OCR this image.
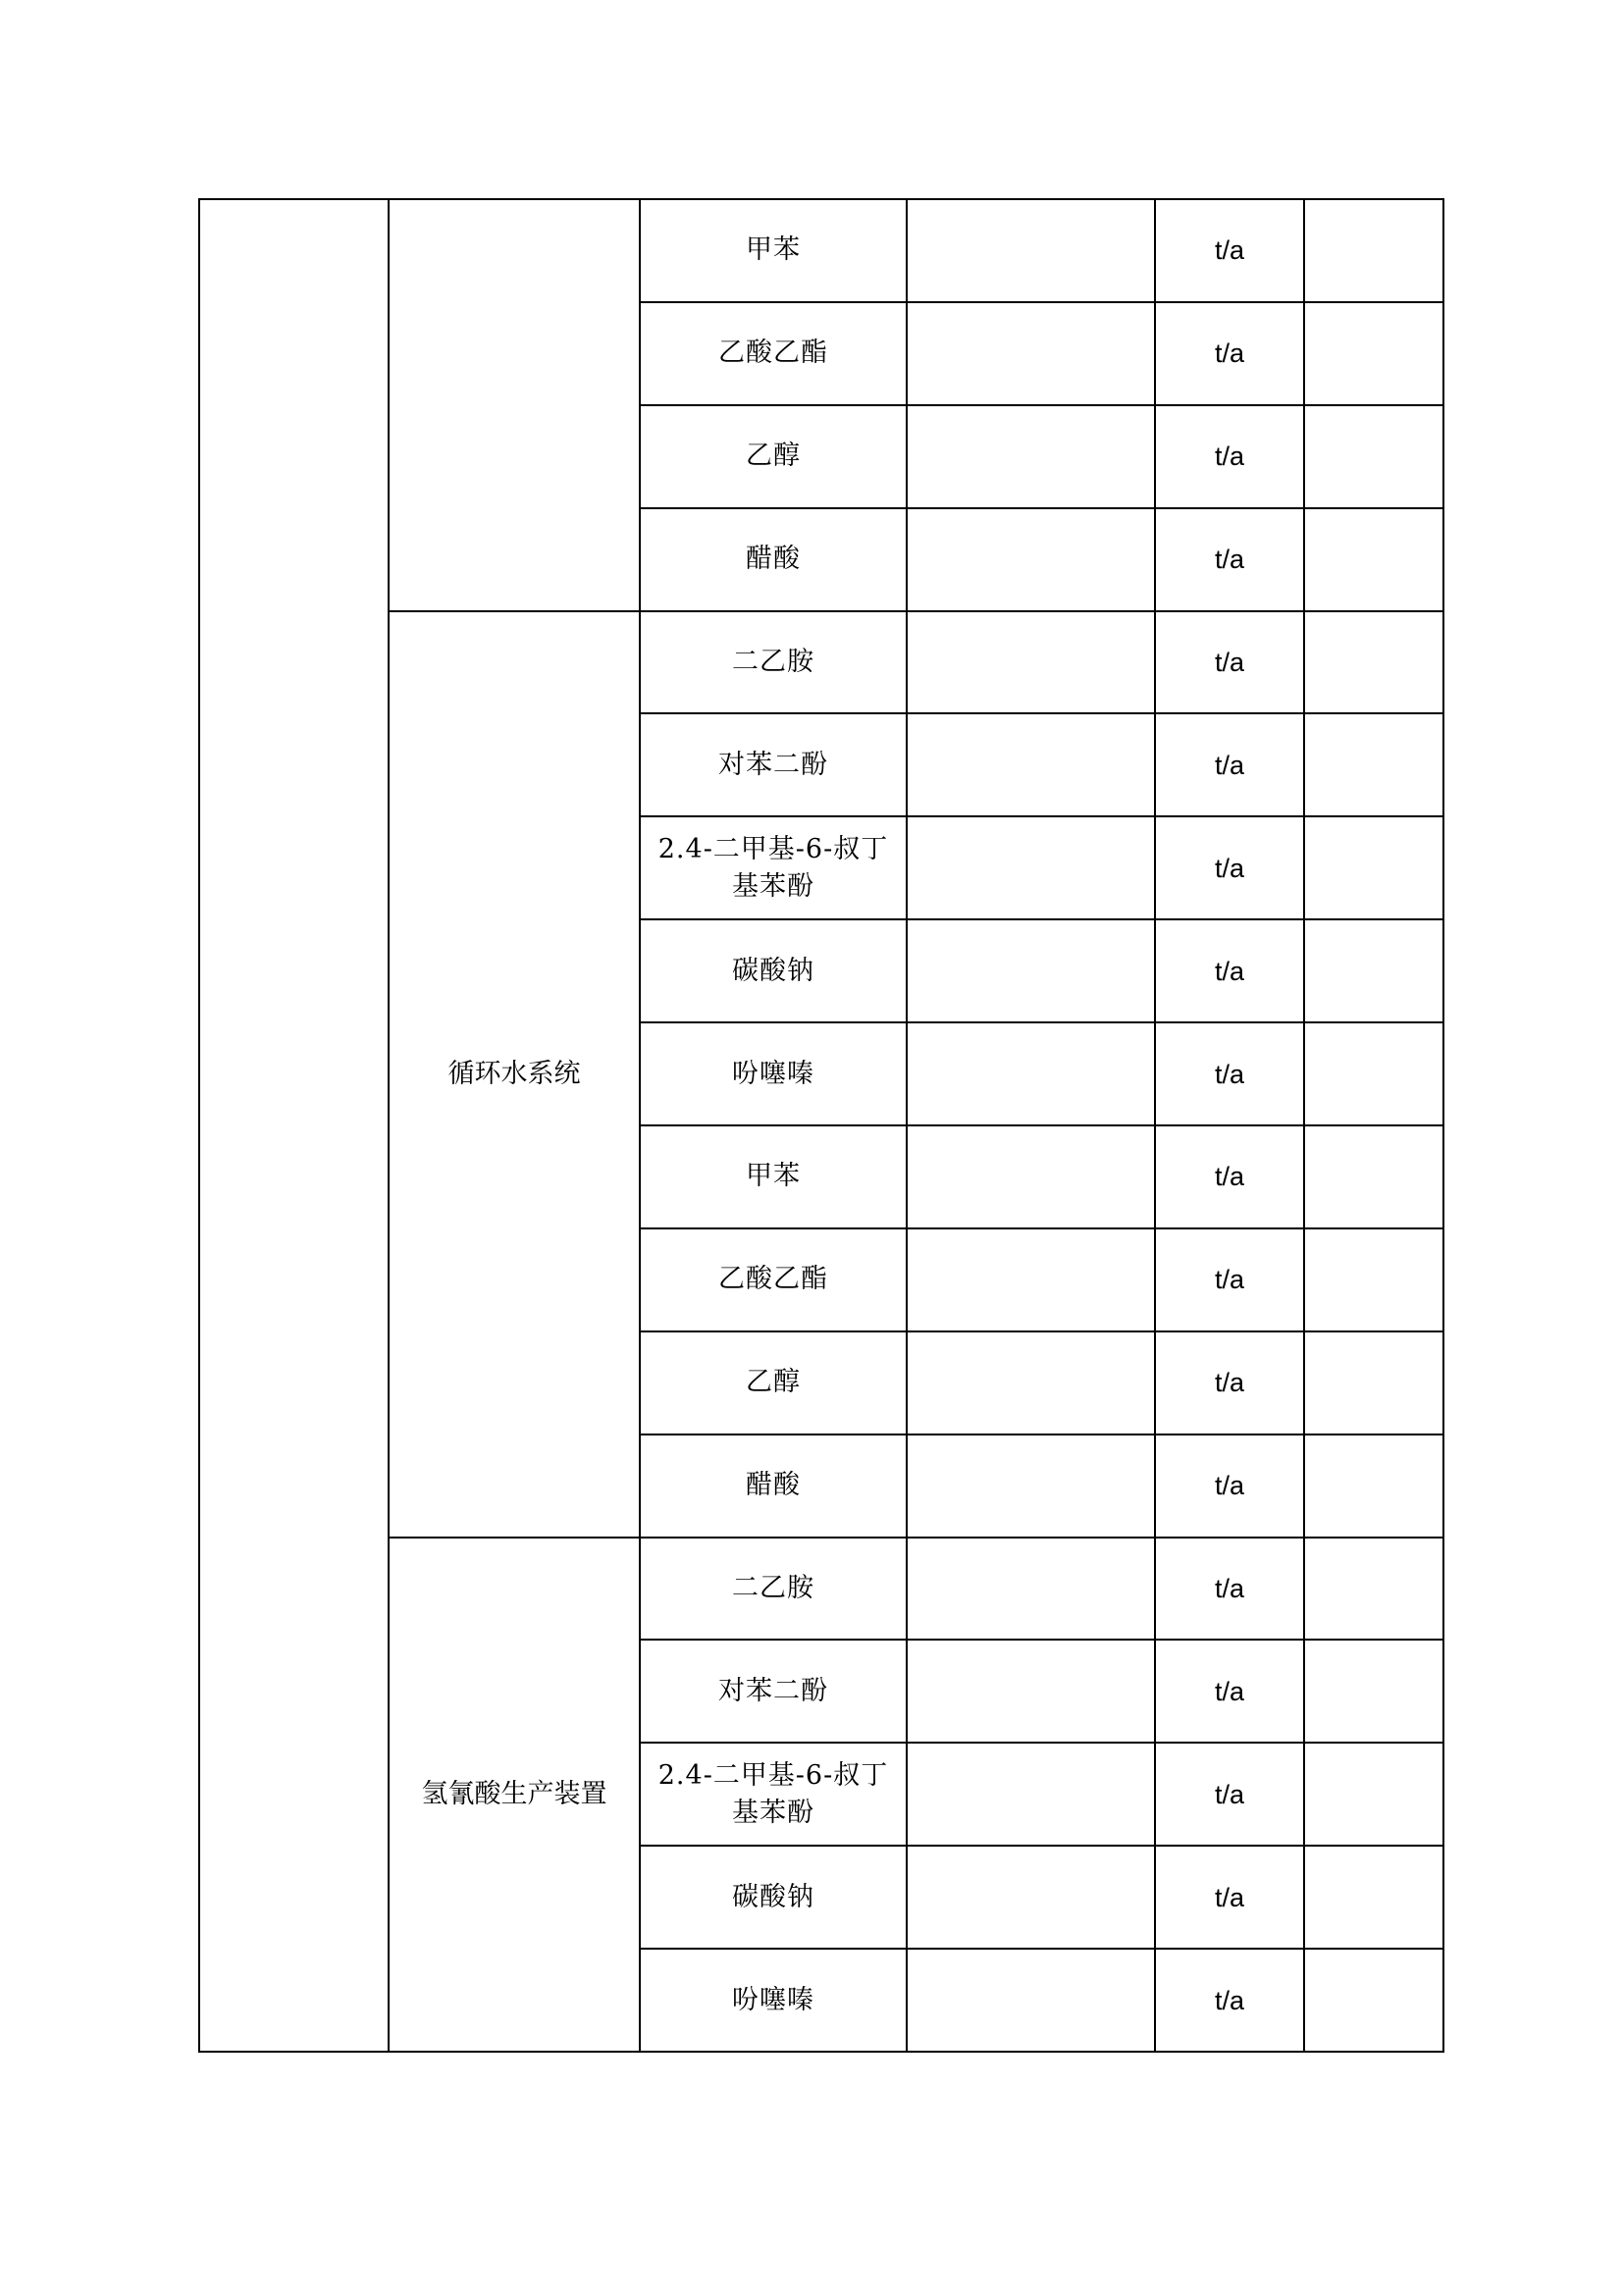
		甲苯		t/a	

		乙酸乙酯		t/a	

		乙醇		t/a	

		醋酸		t/a	
	循环水系统	二乙胺		t/a	

		对苯二酚		t/a	

		2.4-二甲基-6-叔丁
基苯酚		t/a	

		碳酸钠		t/a	

		吩噻嗪		t/a	

		甲苯		t/a	

		乙酸乙酯		t/a	

		乙醇		t/a	

		醋酸		t/a	
	氢氰酸生产装置	二乙胺		t/a	

		对苯二酚		t/a	

		2.4-二甲基-6-叔丁
基苯酚		t/a	

		碳酸钠		t/a	

		吩噻嗪		t/a	
